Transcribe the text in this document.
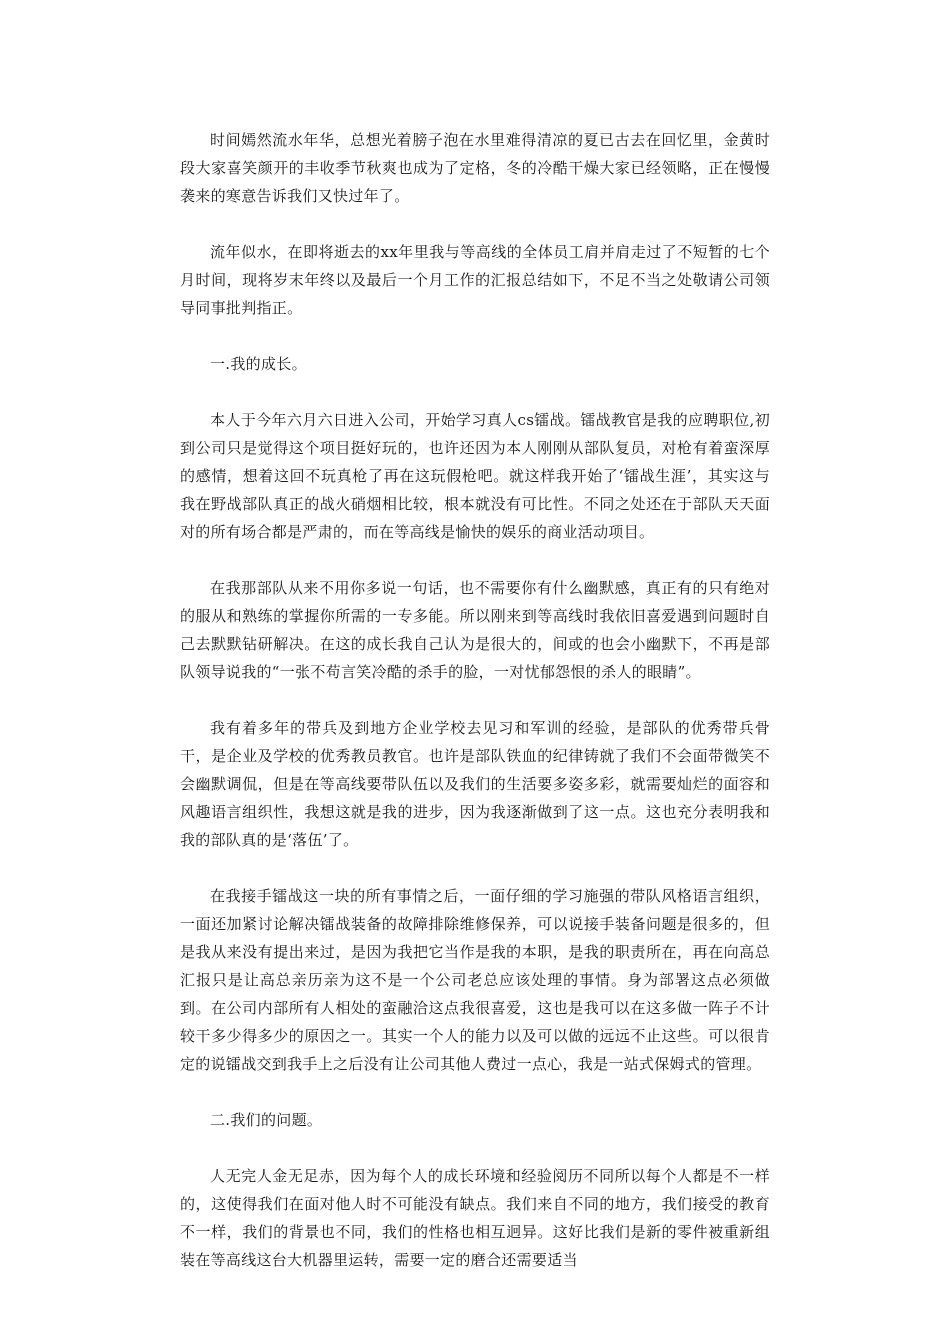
时间嫣然流水年华，总想光着膀子泡在水里难得清凉的夏已古去在回忆里，金黄时段大家喜笑颜开的丰收季节秋爽也成为了定格，冬的冷酷干燥大家已经领略，正在慢慢袭来的寒意告诉我们又快过年了。

流年似水，在即将逝去的xx年里我与等高线的全体员工肩并肩走过了不短暂的七个月时间，现将岁末年终以及最后一个月工作的汇报总结如下，不足不当之处敬请公司领导同事批判指正。

一.我的成长。

本人于今年六月六日进入公司，开始学习真人cs镭战。镭战教官是我的应聘职位,初到公司只是觉得这个项目挺好玩的，也许还因为本人刚刚从部队复员，对枪有着蛮深厚的感情，想着这回不玩真枪了再在这玩假枪吧。就这样我开始了‘镭战生涯’，其实这与我在野战部队真正的战火硝烟相比较，根本就没有可比性。不同之处还在于部队天天面对的所有场合都是严肃的，而在等高线是愉快的娱乐的商业活动项目。

在我那部队从来不用你多说一句话，也不需要你有什么幽默感，真正有的只有绝对的服从和熟练的掌握你所需的一专多能。所以刚来到等高线时我依旧喜爱遇到问题时自己去默默钻研解决。在这的成长我自己认为是很大的，间或的也会小幽默下，不再是部队领导说我的“一张不苟言笑冷酷的杀手的脸，一对忧郁怨恨的杀人的眼睛”。

我有着多年的带兵及到地方企业学校去见习和军训的经验，是部队的优秀带兵骨干，是企业及学校的优秀教员教官。也许是部队铁血的纪律铸就了我们不会面带微笑不会幽默调侃，但是在等高线要带队伍以及我们的生活要多姿多彩，就需要灿烂的面容和风趣语言组织性，我想这就是我的进步，因为我逐渐做到了这一点。这也充分表明我和我的部队真的是‘落伍’了。

在我接手镭战这一块的所有事情之后，一面仔细的学习施强的带队风格语言组织，一面还加紧讨论解决镭战装备的故障排除维修保养，可以说接手装备问题是很多的，但是我从来没有提出来过，是因为我把它当作是我的本职，是我的职责所在，再在向高总汇报只是让高总亲历亲为这不是一个公司老总应该处理的事情。身为部署这点必须做到。在公司内部所有人相处的蛮融洽这点我很喜爱，这也是我可以在这多做一阵子不计较干多少得多少的原因之一。其实一个人的能力以及可以做的远远不止这些。可以很肯定的说镭战交到我手上之后没有让公司其他人费过一点心，我是一站式保姆式的管理。

二.我们的问题。

人无完人金无足赤，因为每个人的成长环境和经验阅历不同所以每个人都是不一样的，这使得我们在面对他人时不可能没有缺点。我们来自不同的地方，我们接受的教育不一样，我们的背景也不同，我们的性格也相互迥异。这好比我们是新的零件被重新组装在等高线这台大机器里运转，需要一定的磨合还需要适当
